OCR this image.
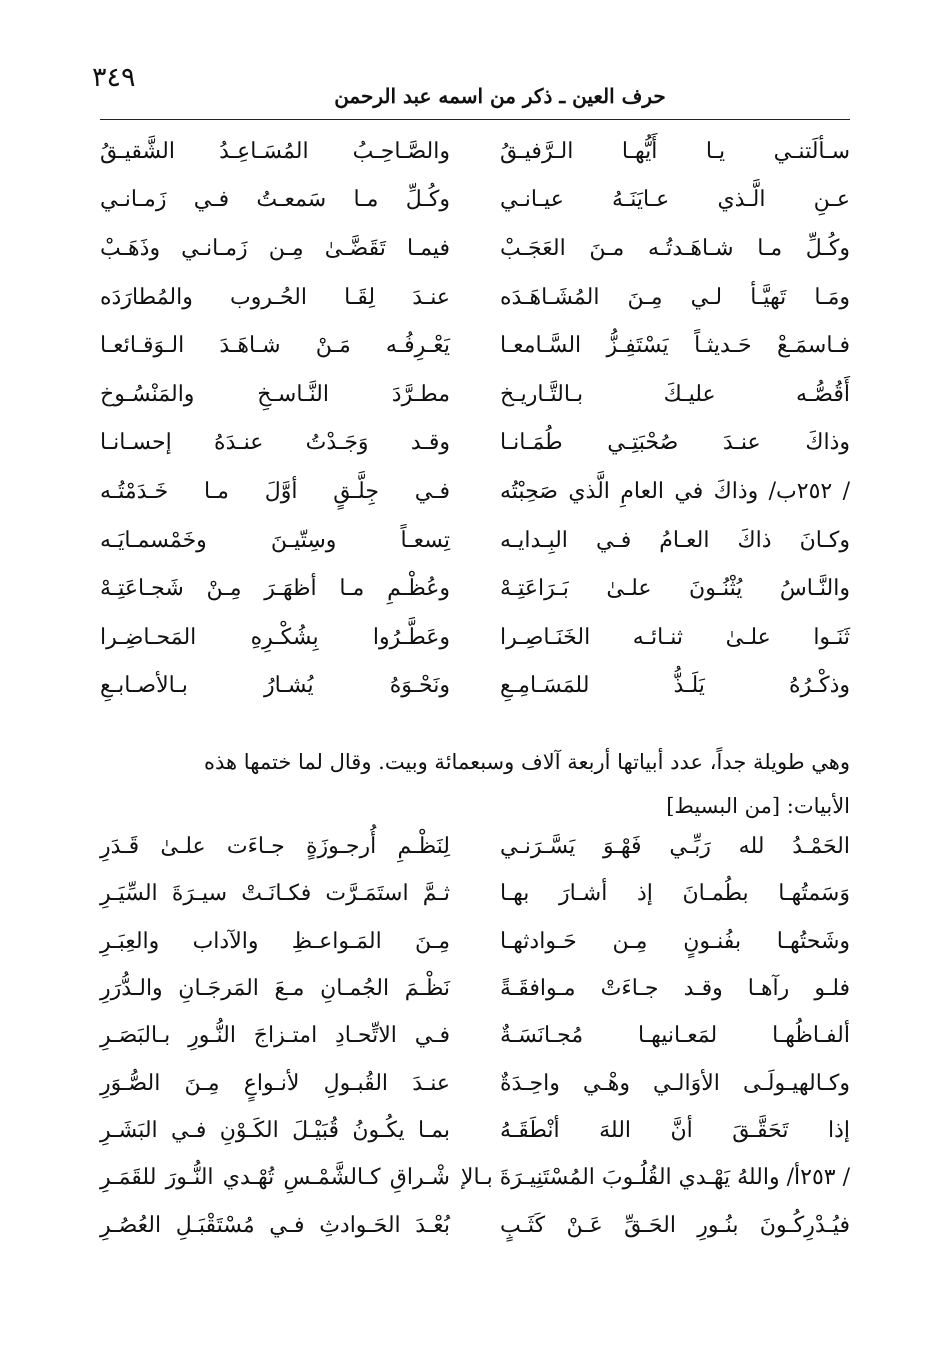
٣٤٩
حرف العين ـ ذكر من اسمه عبد الرحمن
سـألَتنـي يـا أَيُّهـا الـرَّفيـقُ
والصَّـاحِـبُ المُسَـاعِـدُ الشَّقيـقُ
عـنِ الَّـذي عـايَنَـهُ عيـانـي
وكُـلِّ مـا سَمعـتُ فـي زَمـانـي
وكُـلِّ مـا شـاهَـدتُـه مـنَ العَجَـبْ
فيمـا تَقَضَّـىٰ مِـن زَمـانـي وذَهَـبْ
ومَـا تَهيَّـأ لـي مِـنَ المُشَـاهَـدَه
عنـدَ لِقَـا الحُـروب والمُطارَدَه
فـاسمَـعْ حَـديثـاً يَسْتَفِـزُّ السَّـامعـا
يَعْـرِفُـه مَـنْ شـاهَـدَ الـوَقـائعـا
أَقُصُّـه عليـكَ بـالتَّـاريـخ
مطـرَّدَ النَّـاسـخِ والمَنْسُـوخ
وذاكَ عنـدَ صُحْبَتِـي طُمَـانـا
وقـد وَجَـدْتُ عنـدَهُ إحسـانـا
/ ٢٥٢ب/ وذاكَ في العامِ الَّذي صَحِبْتُه
فـي جِلَّـقٍ أوَّلَ مـا خَـدَمْتُـه
وكـانَ ذاكَ العـامُ فـي البِـدايـه
تِسعـاً وسِتّيـنَ وخَمْسمـايَـه
والنَّـاسُ يُثْنُـونَ علـىٰ بَـرَاعَتِـهْ
وعُظْـمِ مـا أظهَـرَ مِـنْ شَجـاعَتِـهْ
ثَنَـوا علـىٰ ثنـائـه الخَنَـاصِـرا
وعَطَّـرُوا بِشُكْـرِهِ المَحـاضِـرا
وذكْـرُهُ يَلَـذُّ للمَسَـامِـعِ
ونَحْـوَهُ يُشـارُ بـالأصـابـعِ

وهي طويلة جداً، عدد أبياتها أربعة آلاف وسبعمائة وبيت. وقال لما ختمها هذه

الأبيات: [من البسيط]

الحَمْـدُ لله رَبِّـي فَهْـوَ يَسَّـرَنـي
لِنَظْـمِ أُرجـوزَةٍ جـاءَت علـىٰ قَـدَرِ
وَسَمتُهـا بطُمـانَ إذ أشـارَ بهـا
ثـمَّ استَمَـرَّت فكـانَـتْ سيـرَةَ السِّيَـرِ
وشَحتُهـا بفُنـونٍ مِـن حَـوادثهـا
مِـنَ المَـواعـظِ والآداب والعِبَـرِ
فلـو رآهـا وقـد جـاءَتْ مـوافقَـةً
نَظْـمَ الجُمـانِ مـعَ المَرجَـانِ والـدُّرَرِ
ألفـاظُهـا لمَعـانيهـا مُجـانَسَـةٌ
فـي الاتِّحـادِ امتـزاجَ النُّـورِ بـالبَصَـرِ
وكـالهيـولَـى الأوَالـي وهْـي واحِـدَةٌ
عنـدَ القُبـولِ لأنـواعٍ مِـنَ الصُّـوَرِ
إذا تَحَقَّـقَ أنَّ اللهَ أنْطَقَـهُ
بمـا يكُـونُ قُبَيْـلَ الكَـوْنِ فـي البَشَـرِ
/ ٢٥٣أ/ واللهُ يَهْـدي القُلُـوبَ المُسْتَنِيـرَةَ بـالإ
شْـراقِ كـالشَّمْـسِ تُهْـدي النُّـورَ للقَمَـرِ
فيُـدْرِكُـونَ بنُـورِ الحَـقِّ عَـنْ كَثَـبٍ
بُعْـدَ الحَـوادثِ فـي مُسْتَقْبَـلِ العُصُـرِ
